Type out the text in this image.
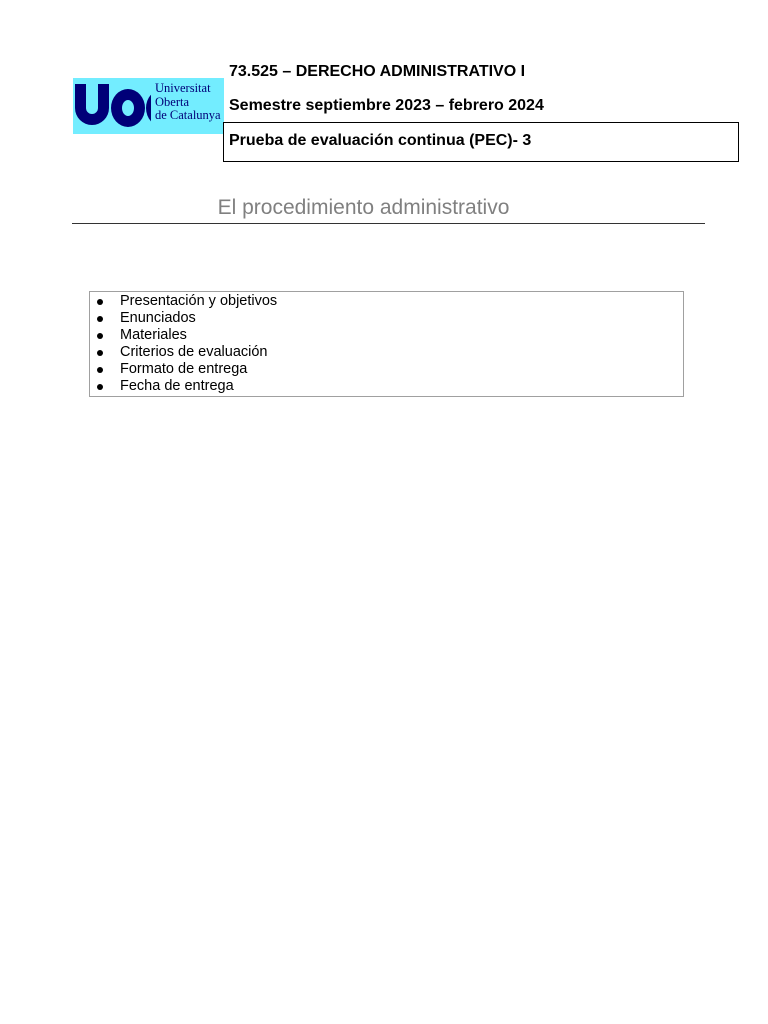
Universitat
Oberta
de Catalunya
73.525 – DERECHO ADMINISTRATIVO I
Semestre septiembre 2023 – febrero 2024
Prueba de evaluación continua (PEC)- 3
El procedimiento administrativo
Presentación y objetivos
Enunciados
Materiales
Criterios de evaluación
Formato de entrega
Fecha de entrega
